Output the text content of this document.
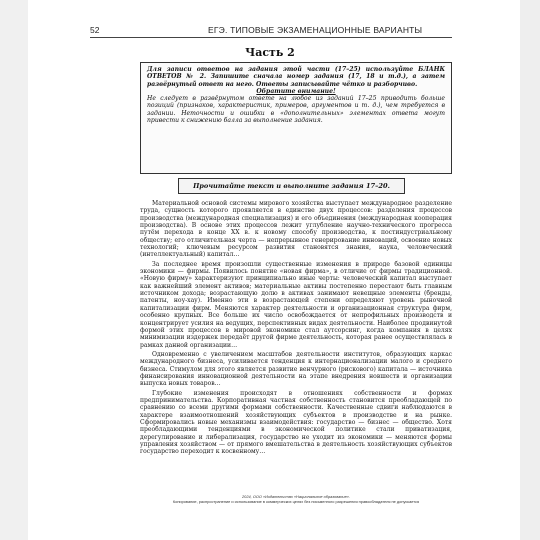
52	ЕГЭ. ТИПОВЫЕ ЭКЗАМЕНАЦИОННЫЕ ВАРИАНТЫ
Часть 2

Для записи ответов на задания этой части (17–25) используйте БЛАНК ОТВЕТОВ № 2. Запишите сначала номер задания (17, 18 и т.д.), а затем развёрнутый ответ на него. Ответы записывайте чётко и разборчиво.

Обратите внимание!

Не следует в развёрнутом ответе на любое из заданий 17–25 приводить больше позиций (признаков, характеристик, примеров, аргументов и т. д.), чем требуется в задании. Неточности и ошибки в «дополнительных» элементах ответа могут привести к снижению балла за выполнение задания.

Прочитайте текст и выполните задания 17–20.

Материальной основой системы мирового хозяйства выступает международное разделение труда, сущность которого проявляется в единстве двух процессов: разделения процессов производства (международная специализация) и его объединения (международная кооперация производства). В основе этих процессов лежит углубление научно-технического прогресса путём перехода в конце XX в. к новому способу производства, к постиндустриальному обществу; его отличительная черта — непрерывное генерирование инноваций, освоение новых технологий; ключевым ресурсом развития становятся знания, наука, человеческий (интеллектуальный) капитал…

За последнее время произошли существенные изменения в природе базовой единицы экономики — фирмы. Появилось понятие «новая фирма», в отличие от фирмы традиционной. «Новую фирму» характеризуют принципиально иные черты: человеческий капитал выступает как важнейший элемент активов; материальные активы постепенно перестают быть главным источником дохода; возрастающую долю в активах занимают невещные элементы (бренды, патенты, ноу-хау). Именно эти в возрастающей степени определяют уровень рыночной капитализации фирм. Меняются характер деятельности и организационная структура фирм, особенно крупных. Все больше их число освобождается от непрофильных производств и концентрирует усилия на ведущих, перспективных видах деятельности. Наиболее продвинутой формой этих процессов в мировой экономике стал аутсорсинг, когда компания в целях минимизации издержек передаёт другой фирме деятельность, которая ранее осуществлялась в рамках данной организации…

Одновременно с увеличением масштабов деятельности институтов, образующих каркас международного бизнеса, усиливается тенденция к интернационализации малого и среднего бизнеса. Стимулом для этого является развитие венчурного (рискового) капитала — источника финансирования инновационной деятельности на этапе внедрения новшеств и организации выпуска новых товаров…

Глубокие изменения происходят в отношениях собственности и формах предпринимательства. Корпоративная частная собственность становится преобладающей по сравнению со всеми другими формами собственности. Качественные сдвиги наблюдаются в характере взаимоотношений хозяйствующих субъектов в производстве и на рынке. Сформировались новые механизмы взаимодействия: государство — бизнес — общество. Хотя преобладающими тенденциями в экономической политике стали приватизация, дерегулирование и либерализация, государство не уходит из экономики — меняются формы управления хозяйством — от прямого вмешательства в деятельность хозяйствующих субъектов государство переходит к косвенному…

2024, ООО «Издательство «Национальное образование».
Копирование, распространение и использование в коммерческих целях без письменного разрешения правообладателя не допускается
